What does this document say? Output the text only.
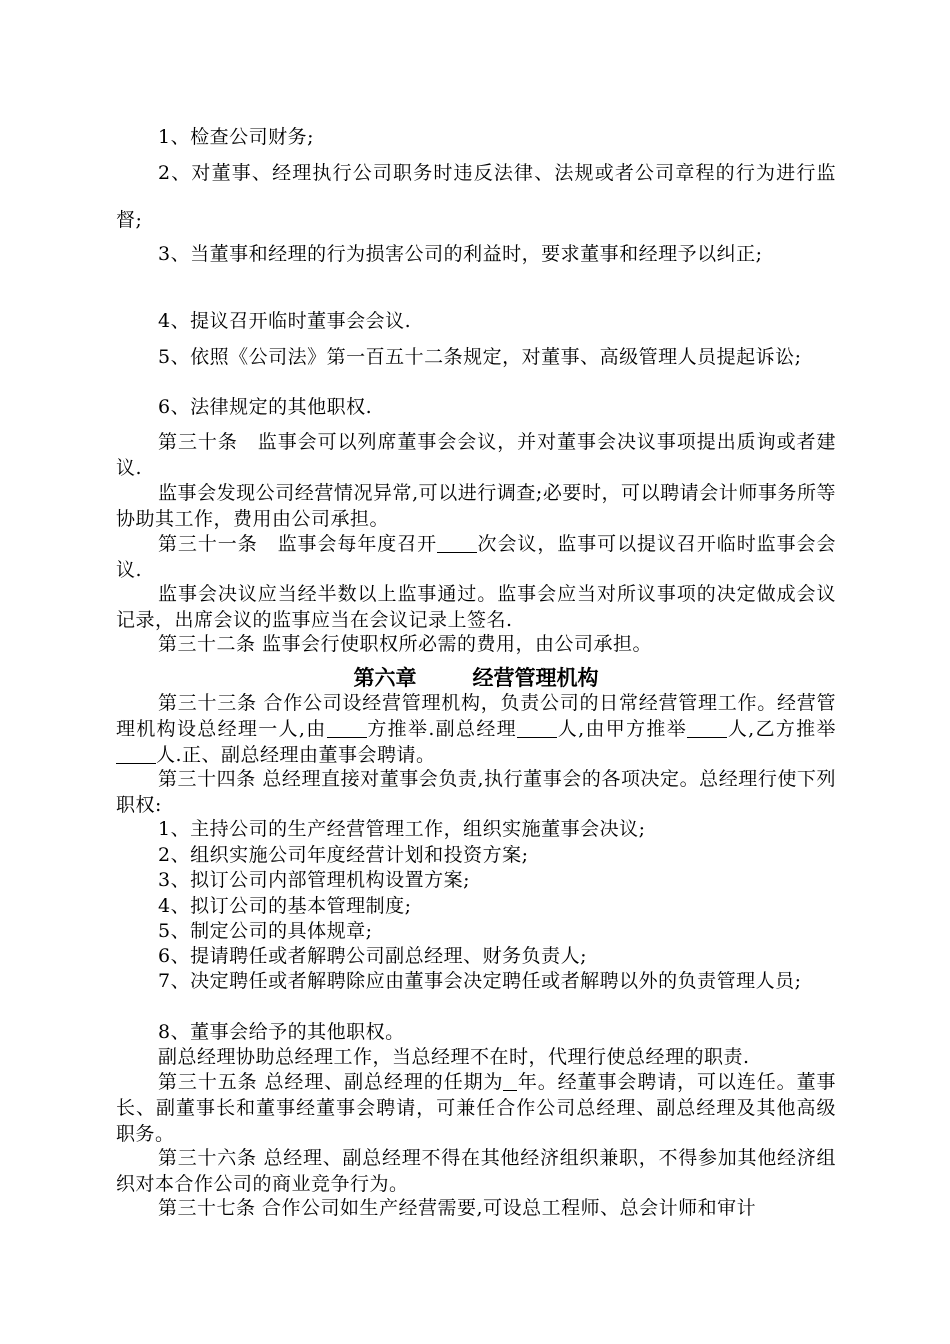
1、检查公司财务;

2、对董事、经理执行公司职务时违反法律、法规或者公司章程的行为进行监督;

3、当董事和经理的行为损害公司的利益时，要求董事和经理予以纠正;

4、提议召开临时董事会会议.

5、依照《公司法》第一百五十二条规定，对董事、高级管理人员提起诉讼;

6、法律规定的其他职权.

第三十条　监事会可以列席董事会会议，并对董事会决议事项提出质询或者建议.

监事会发现公司经营情况异常,可以进行调查;必要时，可以聘请会计师事务所等协助其工作，费用由公司承担。

第三十一条　监事会每年度召开 次会议，监事可以提议召开临时监事会会议.

监事会决议应当经半数以上监事通过。监事会应当对所议事项的决定做成会议记录，出席会议的监事应当在会议记录上签名.

第三十二条 监事会行使职权所必需的费用，由公司承担。

第六章	经营管理机构

第三十三条 合作公司设经营管理机构，负责公司的日常经营管理工作。经营管理机构设总经理一人,由 方推举.副总经理 人,由甲方推举 人,乙方推举人.正、副总经理由董事会聘请。

第三十四条 总经理直接对董事会负责,执行董事会的各项决定。总经理行使下列职权:

1、主持公司的生产经营管理工作，组织实施董事会决议;

2、组织实施公司年度经营计划和投资方案;

3、拟订公司内部管理机构设置方案;

4、拟订公司的基本管理制度;

5、制定公司的具体规章;

6、提请聘任或者解聘公司副总经理、财务负责人;

7、决定聘任或者解聘除应由董事会决定聘任或者解聘以外的负责管理人员;

8、董事会给予的其他职权。

副总经理协助总经理工作，当总经理不在时，代理行使总经理的职责.

第三十五条 总经理、副总经理的任期为 年。经董事会聘请，可以连任。董事长、副董事长和董事经董事会聘请，可兼任合作公司总经理、副总经理及其他高级职务。

第三十六条 总经理、副总经理不得在其他经济组织兼职，不得参加其他经济组织对本合作公司的商业竞争行为。

第三十七条 合作公司如生产经营需要,可设总工程师、总会计师和审计
